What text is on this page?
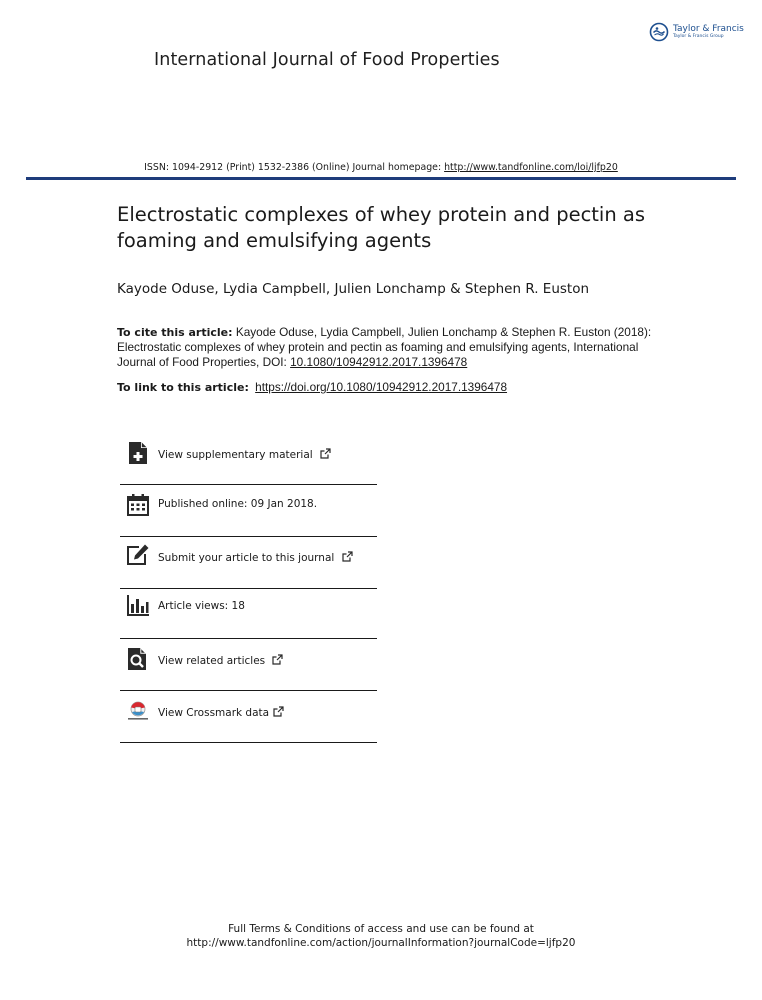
International Journal of Food Properties
Taylor & Francis
Taylor & Francis Group
ISSN: 1094-2912 (Print) 1532-2386 (Online) Journal homepage: http://www.tandfonline.com/loi/ljfp20
Electrostatic complexes of whey protein and pectin as foaming and emulsifying agents
Kayode Oduse, Lydia Campbell, Julien Lonchamp & Stephen R. Euston
To cite this article: Kayode Oduse, Lydia Campbell, Julien Lonchamp & Stephen R. Euston (2018): Electrostatic complexes of whey protein and pectin as foaming and emulsifying agents, International Journal of Food Properties, DOI: 10.1080/10942912.2017.1396478
To link to this article: https://doi.org/10.1080/10942912.2017.1396478
View supplementary material
Published online: 09 Jan 2018.
Submit your article to this journal
Article views: 18
View related articles
View Crossmark data
Full Terms & Conditions of access and use can be found at
http://www.tandfonline.com/action/journalInformation?journalCode=ljfp20
